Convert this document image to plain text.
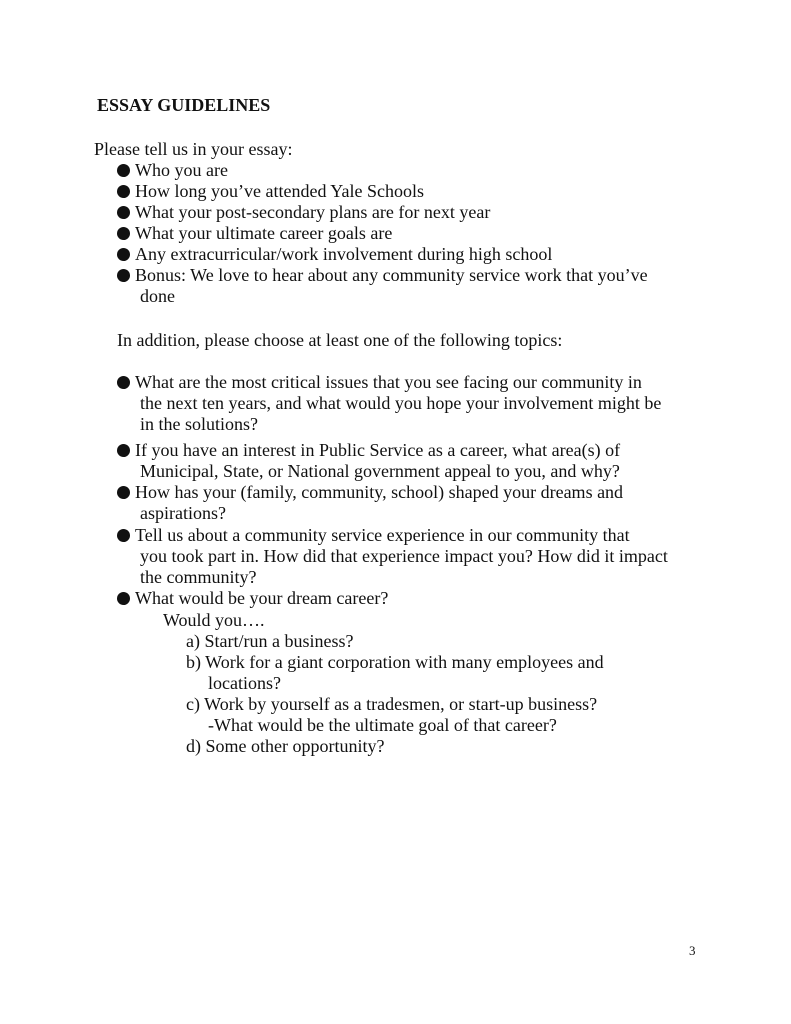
ESSAY GUIDELINES
Please tell us in your essay:
Who you are
How long you’ve attended Yale Schools
What your post-secondary plans are for next year
What your ultimate career goals are
Any extracurricular/work involvement during high school
Bonus: We love to hear about any community service work that you’ve
done
In addition, please choose at least one of the following topics:
What are the most critical issues that you see facing our community in
the next ten years, and what would you hope your involvement might be
in the solutions?
If you have an interest in Public Service as a career, what area(s) of
Municipal, State, or National government appeal to you, and why?
How has your (family, community, school) shaped your dreams and
aspirations?
Tell us about a community service experience in our community that
you took part in. How did that experience impact you? How did it impact
the community?
What would be your dream career?
Would you….
a) Start/run a business?
b) Work for a giant corporation with many employees and
locations?
c) Work by yourself as a tradesmen, or start-up business?
-What would be the ultimate goal of that career?
d) Some other opportunity?
3
